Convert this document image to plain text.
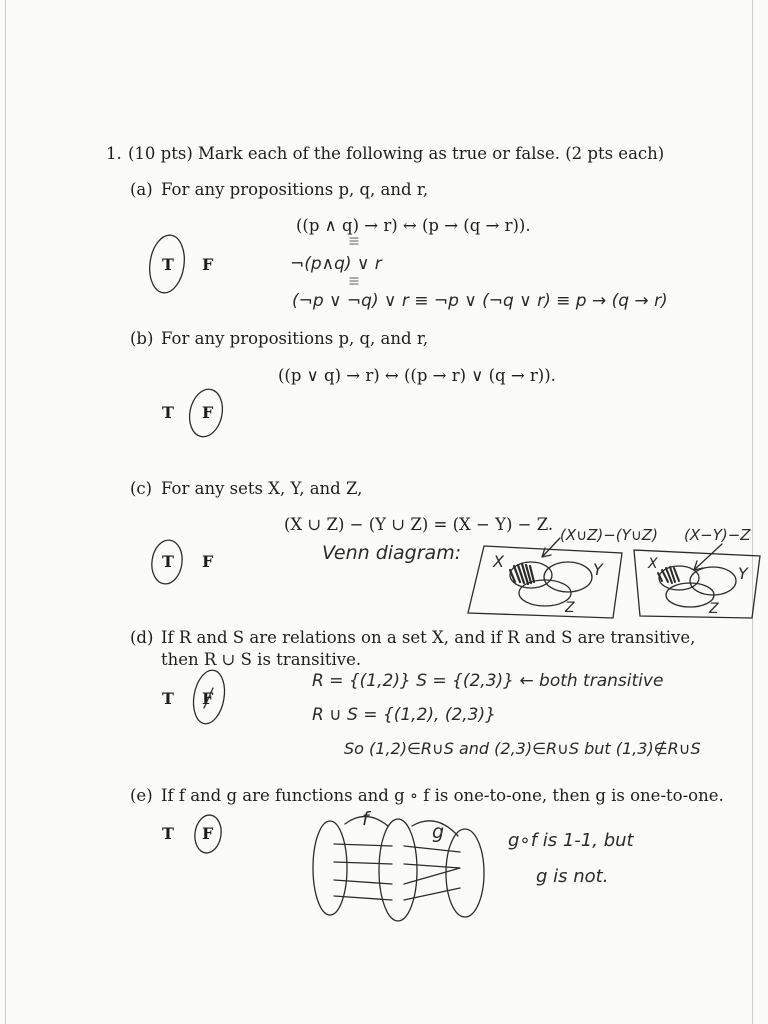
1. (10 pts) Mark each of the following as true or false. (2 pts each)
(a) For any propositions p, q, and r,
((p ∧ q) → r) ↔ (p → (q → r)).
T F
|||
|||
¬(p∧q) ∨ r
(¬p ∨ ¬q) ∨ r ≡ ¬p ∨ (¬q ∨ r) ≡ p → (q → r)
(b) For any propositions p, q, and r,
((p ∨ q) → r) ↔ ((p → r) ∨ (q → r)).
T F
(c) For any sets X, Y, and Z,
(X ∪ Z) − (Y ∪ Z) = (X − Y) − Z.
T F	Venn diagram:
(X∪Z)−(Y∪Z) (X−Y)−Z
X	Y
Z
X	Y
Z
(d) If R and S are relations on a set X, and if R and S are transitive,
then R ∪ S is transitive.
T F
R = {(1,2)} S = {(2,3)} ← both transitive
R ∪ S = {(1,2), (2,3)}
So (1,2)∈R∪S and (2,3)∈R∪S but (1,3)∉R∪S
(e) If f and g are functions and g ∘ f is one-to-one, then g is one-to-one.
T F
f
g	g∘f is 1-1, but
g is not.
